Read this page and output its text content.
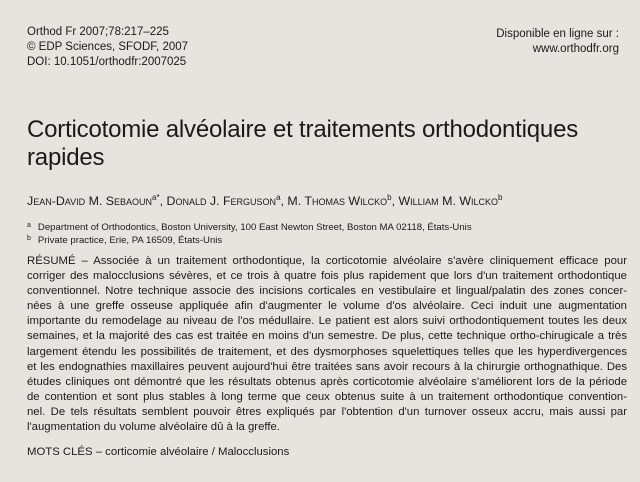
Orthod Fr 2007;78:217–225
© EDP Sciences, SFODF, 2007
DOI: 10.1051/orthodfr:2007025
Disponible en ligne sur :
www.orthodfr.org
Corticotomie alvéolaire et traitements orthodontiques
rapides
Jean-David M. Sebaoun$^{a*}$, Donald J. Ferguson$^a$, M. Thomas Wilcko$^b$, William M. Wilcko$^b$
$^a$ Department of Orthodontics, Boston University, 100 East Newton Street, Boston MA 02118, États-Unis
$^b$ Private practice, Erie, PA 16509, États-Unis

RÉSUMÉ – Associée à un traitement orthodontique, la corticotomie alvéolaire s'avère cliniquement efficace pour
corriger des malocclusions sévères, et ce trois à quatre fois plus rapidement que lors d'un traitement orthodontique
conventionnel. Notre technique associe des incisions corticales en vestibulaire et lingual/palatin des zones concer-
nées à une greffe osseuse appliquée afin d'augmenter le volume d'os alvéolaire. Ceci induit une augmentation
importante du remodelage au niveau de l'os médullaire. Le patient est alors suivi orthodontiquement toutes les deux
semaines, et la majorité des cas est traitée en moins d'un semestre. De plus, cette technique ortho-chirugicale a très
largement étendu les possibilités de traitement, et des dysmorphoses squelettiques telles que les hyperdivergences
et les endognathies maxillaires peuvent aujourd'hui être traitées sans avoir recours à la chirurgie orthognathique. Des
études cliniques ont démontré que les résultats obtenus après corticotomie alvéolaire s'améliorent lors de la période
de contention et sont plus stables à long terme que ceux obtenus suite à un traitement orthodontique convention-
nel. De tels résultats semblent pouvoir êtres expliqués par l'obtention d'un turnover osseux accru, mais aussi par
l'augmentation du volume alvéolaire dû à la greffe.

MOTS CLÉS – corticomie alvéolaire / Malocclusions
